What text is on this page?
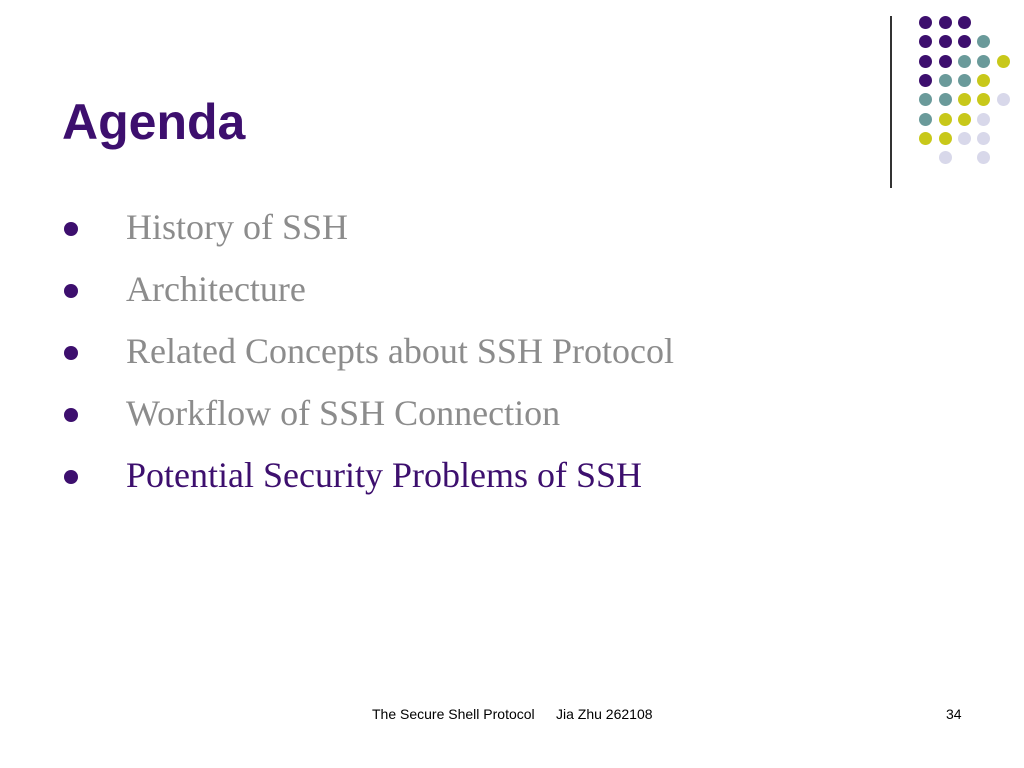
Agenda
History of SSH
Architecture
Related Concepts about SSH Protocol
Workflow of SSH Connection
Potential Security Problems of SSH
The Secure Shell Protocol Jia Zhu 262108	34
